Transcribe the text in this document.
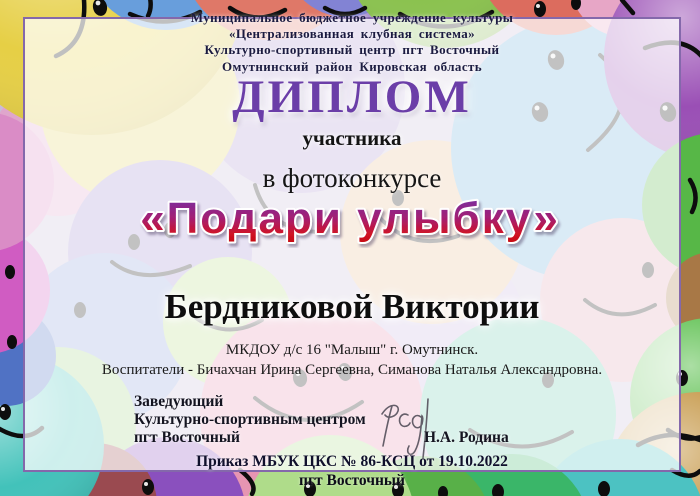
Муниципальное бюджетное учреждение культуры
«Централизованная клубная система»
Культурно-спортивный центр пгт Восточный
Омутнинский район Кировская область
ДИПЛОМ
участника
в фотоконкурсе
«Подари улыбку»
Бердниковой Виктории
МКДОУ д/с 16 "Малыш" г. Омутнинск.
Воспитатели - Бичахчан Ирина Сергеевна, Симанова Наталья Александровна.
Заведующий
Культурно-спортивным центром
пгт Восточный	Н.А. Родина
Приказ МБУК ЦКС № 86-КСЦ от 19.10.2022
пгт Восточный
